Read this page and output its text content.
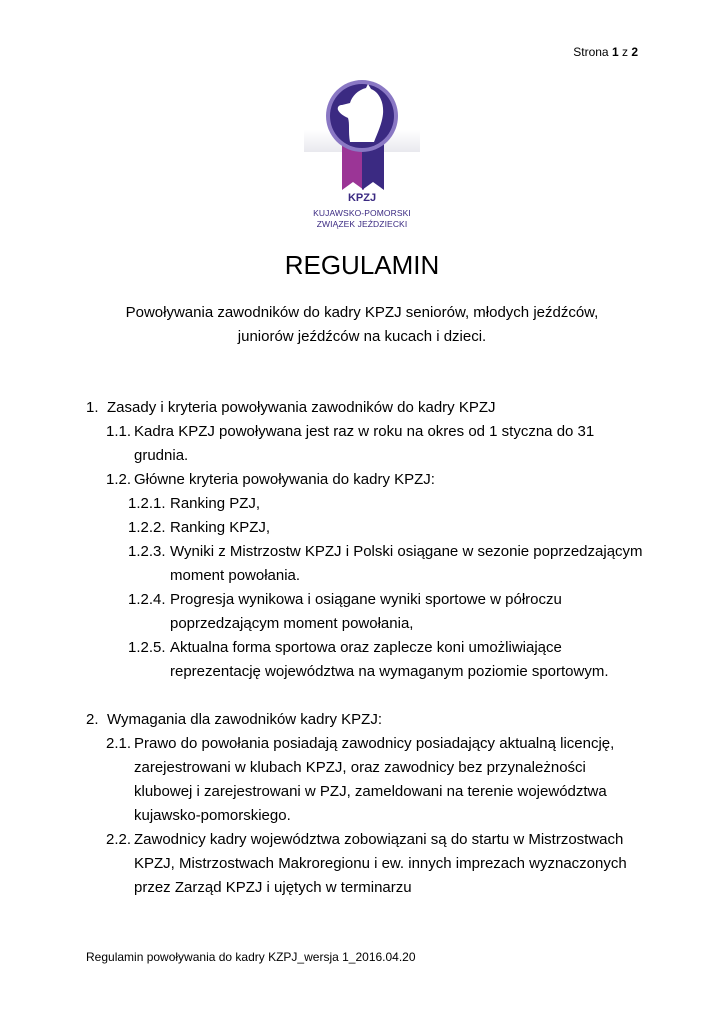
Strona 1 z 2
KPZJ
KUJAWSKO-POMORSKI
ZWIĄZEK JEŹDZIECKI
REGULAMIN
Powoływania zawodników do kadry KPZJ seniorów, młodych jeźdźców,
juniorów jeźdźców na kucach i dzieci.
1. Zasady i kryteria powoływania zawodników do kadry KPZJ
1.1. Kadra KPZJ powoływana jest raz w roku na okres od 1 styczna do 31 grudnia.
1.2. Główne kryteria powoływania do kadry KPZJ:
1.2.1. Ranking PZJ,
1.2.2. Ranking KPZJ,
1.2.3. Wyniki z Mistrzostw KPZJ i Polski osiągane w sezonie poprzedzającym moment powołania.
1.2.4. Progresja wynikowa i osiągane wyniki sportowe w półroczu poprzedzającym moment powołania,
1.2.5. Aktualna forma sportowa oraz zaplecze koni umożliwiające reprezentację województwa na wymaganym poziomie sportowym.
2. Wymagania dla zawodników kadry KPZJ:
2.1. Prawo do powołania posiadają zawodnicy posiadający aktualną licencję, zarejestrowani w klubach KPZJ, oraz zawodnicy bez przynależności klubowej i zarejestrowani w PZJ, zameldowani na terenie województwa kujawsko-pomorskiego.
2.2. Zawodnicy kadry województwa zobowiązani są do startu w Mistrzostwach KPZJ, Mistrzostwach Makroregionu i ew. innych imprezach wyznaczonych przez Zarząd KPZJ i ujętych w terminarzu
Regulamin powoływania do kadry KZPJ_wersja 1_2016.04.20
